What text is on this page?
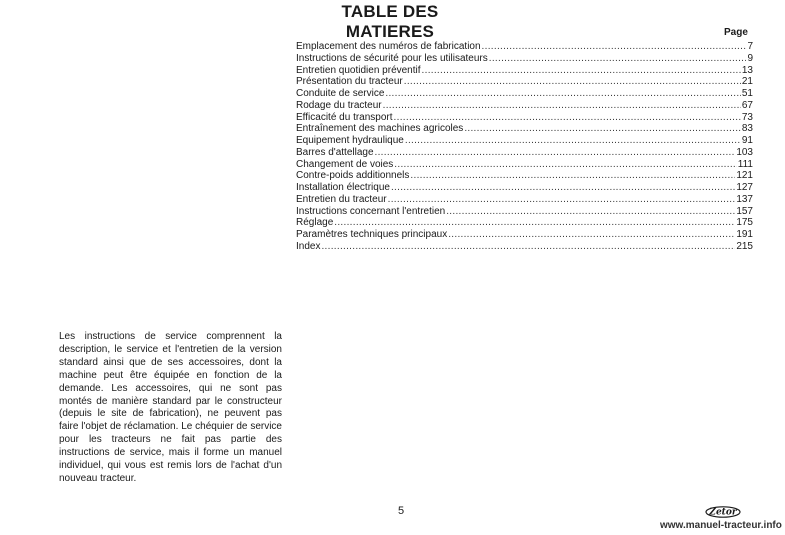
TABLE DES MATIERES	Page
Emplacement des numéros de fabrication .....	7
Instructions de sécurité pour les utilisateurs .....	9
Entretien quotidien préventif .....	13
Présentation du tracteur .....	21
Conduite de service .....	51
Rodage du tracteur .....	67
Efficacité du transport .....	73
Entraînement des machines agricoles .....	83
Equipement hydraulique .....	91
Barres d'attellage .....	103
Changement de voies .....	111
Contre-poids additionnels .....	121
Installation électrique .....	127
Entretien du tracteur .....	137
Instructions concernant l'entretien .....	157
Réglage .....	175
Paramètres techniques principaux .....	191
Index .....	215

Les instructions de service comprennent la description, le service et l'entretien de la version standard ainsi que de ses accessoires, dont la machine peut être équipée en fonction de la demande. Les accessoires, qui ne sont pas montés de manière standard par le constructeur (depuis le site de fabrication), ne peuvent pas faire l'objet de réclamation. Le chéquier de service pour les tracteurs ne fait pas partie des instructions de service, mais il forme un manuel individuel, qui vous est remis lors de l'achat d'un nouveau tracteur.

5	Zetor
www.manuel-tracteur.info
